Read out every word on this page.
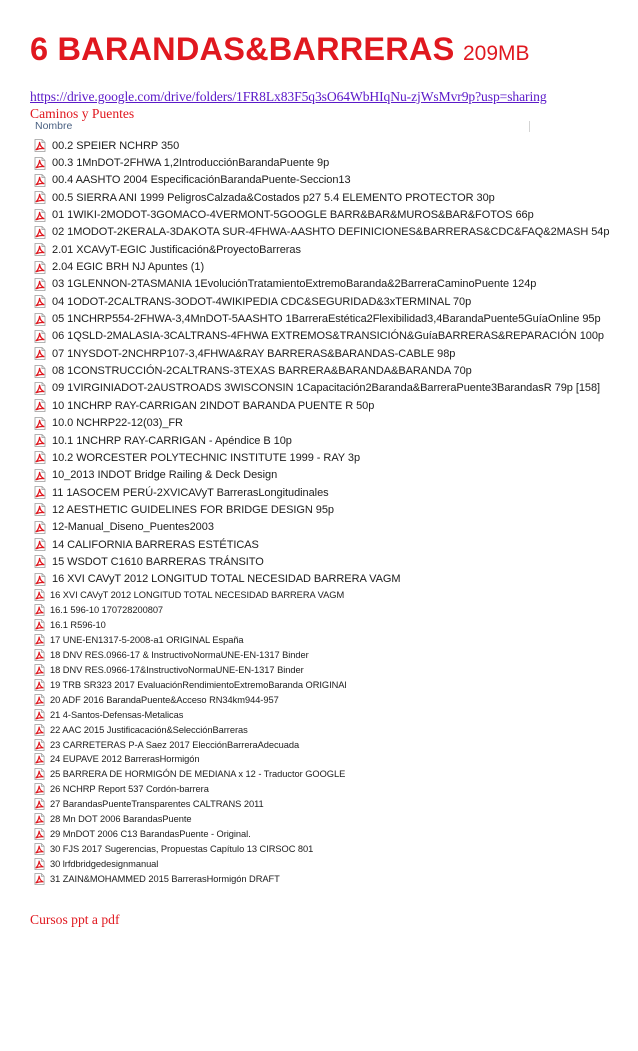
6 BARANDAS&BARRERAS 209MB
https://drive.google.com/drive/folders/1FR8Lx83F5q3sO64WbHIqNu-zjWsMvr9p?usp=sharing
Caminos y Puentes
Nombre
00.2 SPEIER NCHRP 350
00.3 1MnDOT-2FHWA 1,2IntroducciónBarandaPuente 9p
00.4 AASHTO 2004 EspecificaciónBarandaPuente-Seccion13
00.5 SIERRA ANI 1999 PeligrosCalzada&Costados p27 5.4 ELEMENTO PROTECTOR 30p
01 1WIKI-2MODOT-3GOMACO-4VERMONT-5GOOGLE BARR&BAR&MUROS&BAR&FOTOS 66p
02 1MODOT-2KERALA-3DAKOTA SUR-4FHWA-AASHTO DEFINICIONES&BARRERAS&CDC&FAQ&2MASH 54p
2.01 XCAVyT-EGIC Justificación&ProyectoBarreras
2.04 EGIC BRH NJ Apuntes (1)
03 1GLENNON-2TASMANIA 1EvoluciónTratamientoExtremoBaranda&2BarreraCaminoPuente 124p
04 1ODOT-2CALTRANS-3ODOT-4WIKIPEDIA CDC&SEGURIDAD&3xTERMINAL 70p
05 1NCHRP554-2FHWA-3,4MnDOT-5AASHTO 1BarreraEstética2Flexibilidad3,4BarandaPuente5GuíaOnline 95p
06 1QSLD-2MALASIA-3CALTRANS-4FHWA EXTREMOS&TRANSICIÓN&GuíaBARRERAS&REPARACIÓN 100p
07 1NYSDOT-2NCHRP107-3,4FHWA&RAY BARRERAS&BARANDAS-CABLE 98p
08 1CONSTRUCCIÓN-2CALTRANS-3TEXAS BARRERA&BARANDA&BARANDA 70p
09 1VIRGINIADOT-2AUSTROADS 3WISCONSIN 1Capacitación2Baranda&BarreraPuente3BarandasR 79p [158]
10 1NCHRP RAY-CARRIGAN 2INDOT BARANDA PUENTE R 50p
10.0 NCHRP22-12(03)_FR
10.1 1NCHRP RAY-CARRIGAN - Apéndice B 10p
10.2 WORCESTER POLYTECHNIC INSTITUTE 1999 - RAY 3p
10_2013 INDOT Bridge Railing & Deck Design
11 1ASOCEM PERÚ-2XVICAVyT BarrerasLongitudinales
12 AESTHETIC GUIDELINES FOR BRIDGE DESIGN 95p
12-Manual_Diseno_Puentes2003
14 CALIFORNIA BARRERAS ESTÉTICAS
15 WSDOT C1610 BARRERAS TRÁNSITO
16 XVI CAVyT 2012 LONGITUD TOTAL NECESIDAD BARRERA VAGM
16 XVI CAVyT 2012 LONGITUD TOTAL NECESIDAD BARRERA VAGM
16.1 596-10 170728200807
16.1 R596-10
17 UNE-EN1317-5-2008-a1 ORIGINAL España
18 DNV RES.0966-17 & InstructivoNormaUNE-EN-1317 Binder
18 DNV RES.0966-17&InstructivoNormaUNE-EN-1317 Binder
19 TRB SR323 2017 EvaluaciónRendimientoExtremoBaranda ORIGINAl
20 ADF 2016 BarandaPuente&Acceso RN34km944-957
21 4-Santos-Defensas-Metalicas
22 AAC 2015 Justificacación&SelecciónBarreras
23 CARRETERAS P-A Saez 2017 ElecciónBarreraAdecuada
24 EUPAVE 2012 BarrerasHormigón
25 BARRERA DE HORMIGÓN DE MEDIANA x 12 - Traductor GOOGLE
26 NCHRP Report 537 Cordón-barrera
27 BarandasPuenteTransparentes CALTRANS 2011
28 Mn DOT 2006 BarandasPuente
29 MnDOT 2006 C13 BarandasPuente - Original.
30 FJS 2017 Sugerencias, Propuestas Capítulo 13 CIRSOC 801
30 lrfdbridgedesignmanual
31 ZAIN&MOHAMMED 2015 BarrerasHormigón DRAFT
Cursos ppt a pdf
